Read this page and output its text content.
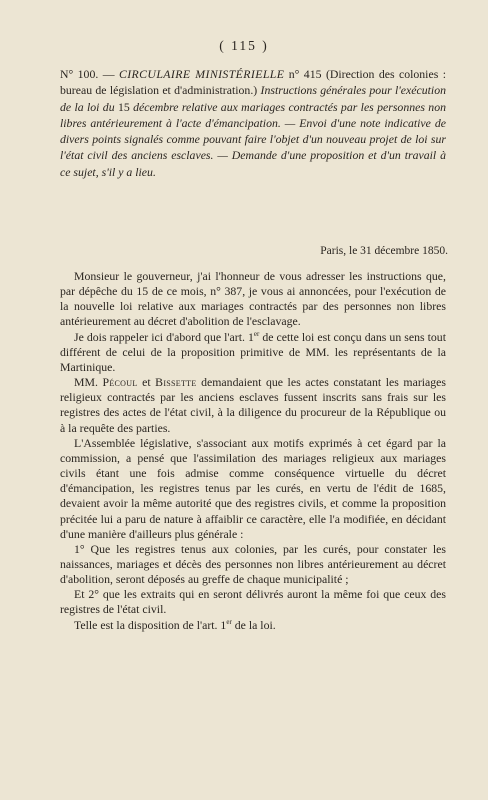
( 115 )
N° 100. — CIRCULAIRE MINISTÉRIELLE n° 415 (Direction des colonies : bureau de législation et d'administration.) Instructions générales pour l'exécution de la loi du 15 décembre relative aux mariages contractés par les personnes non libres antérieurement à l'acte d'émancipation. — Envoi d'une note indicative de divers points signalés comme pouvant faire l'objet d'un nouveau projet de loi sur l'état civil des anciens esclaves. — Demande d'une proposition et d'un travail à ce sujet, s'il y a lieu.
Paris, le 31 décembre 1850.

Monsieur le gouverneur, j'ai l'honneur de vous adresser les instructions que, par dépêche du 15 de ce mois, n° 387, je vous ai annoncées, pour l'exécution de la nouvelle loi relative aux mariages contractés par des personnes non libres antérieurement au décret d'abolition de l'esclavage.

Je dois rappeler ici d'abord que l'art. 1er de cette loi est conçu dans un sens tout différent de celui de la proposition primitive de MM. les représentants de la Martinique.

MM. Pécoul et Bissette demandaient que les actes constatant les mariages religieux contractés par les anciens esclaves fussent inscrits sans frais sur les registres des actes de l'état civil, à la diligence du procureur de la République ou à la requête des parties.

L'Assemblée législative, s'associant aux motifs exprimés à cet égard par la commission, a pensé que l'assimilation des mariages religieux aux mariages civils étant une fois admise comme conséquence virtuelle du décret d'émancipation, les registres tenus par les curés, en vertu de l'édit de 1685, devaient avoir la même autorité que des registres civils, et comme la proposition précitée lui a paru de nature à affaiblir ce caractère, elle l'a modifiée, en décidant d'une manière d'ailleurs plus générale :

1° Que les registres tenus aux colonies, par les curés, pour constater les naissances, mariages et décès des personnes non libres antérieurement au décret d'abolition, seront déposés au greffe de chaque municipalité ;

Et 2° que les extraits qui en seront délivrés auront la même foi que ceux des registres de l'état civil.

Telle est la disposition de l'art. 1er de la loi.
